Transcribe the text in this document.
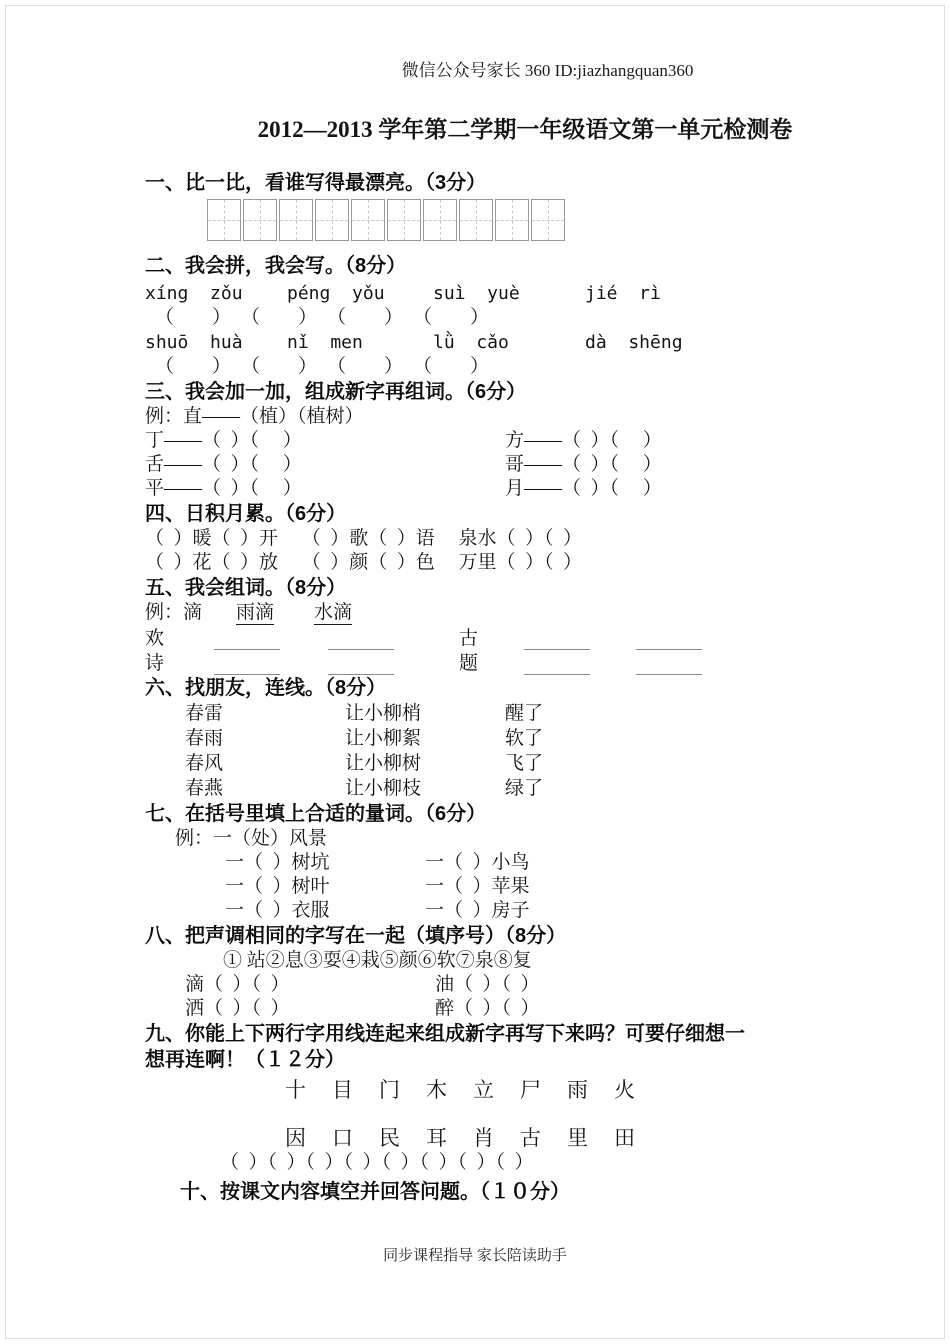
微信公众号家长 360 ID:jiazhangquan360
2012—2013 学年第二学期一年级语文第一单元检测卷
一、比一比，看谁写得最漂亮。（3分）
二、我会拼，我会写。（8分）
xíng  zǒu	péng  yǒu	suì  yuè	jié  rì
（        ） （        ） （        ） （        ）
shuō  huà	nǐ  men	lǜ  cǎo	dà  shēng
（        ） （        ） （        ） （        ）
三、我会加一加，组成新字再组词。（6分）
例：直——（植）（植树）
丁——（  ）（     ）	方——（  ）（     ）
舌——（  ）（     ）	哥——（  ）（     ）
平——（  ）（     ）	月——（  ）（     ）
四、日积月累。（6分）
（  ）暖（  ）开     （  ）歌（  ）语     泉水（  ）（  ）
（  ）花（  ）放     （  ）颜（  ）色     万里（  ）（  ）
五、我会组词。（8分）
例：滴 雨滴 水滴
欢	古
诗	题
六、找朋友，连线。（8分）
春雷	让小柳梢	醒了
春雨	让小柳絮	软了
春风	让小柳树	飞了
春燕	让小柳枝	绿了
七、在括号里填上合适的量词。（6分）
例：一（处）风景
一（  ）树坑	一（  ）小鸟
一（  ）树叶	一（  ）苹果
一（  ）衣服	一（  ）房子
八、把声调相同的字写在一起（填序号）（8分）
① 站②息③耍④栽⑤颜⑥软⑦泉⑧复
滴（  ）（  ）	油（  ）（  ）
洒（  ）（  ）	醉（  ）（  ）
九、你能上下两行字用线连起来组成新字再写下来吗？可要仔细想一
想再连啊！（１２分）
十    目    门    木    立    尸    雨    火
因    口    民    耳    肖    古    里    田
（  ）（  ）（  ）（  ）（  ）（  ）（  ）（  ）
十、按课文内容填空并回答问题。（１０分）
同步课程指导 家长陪读助手
